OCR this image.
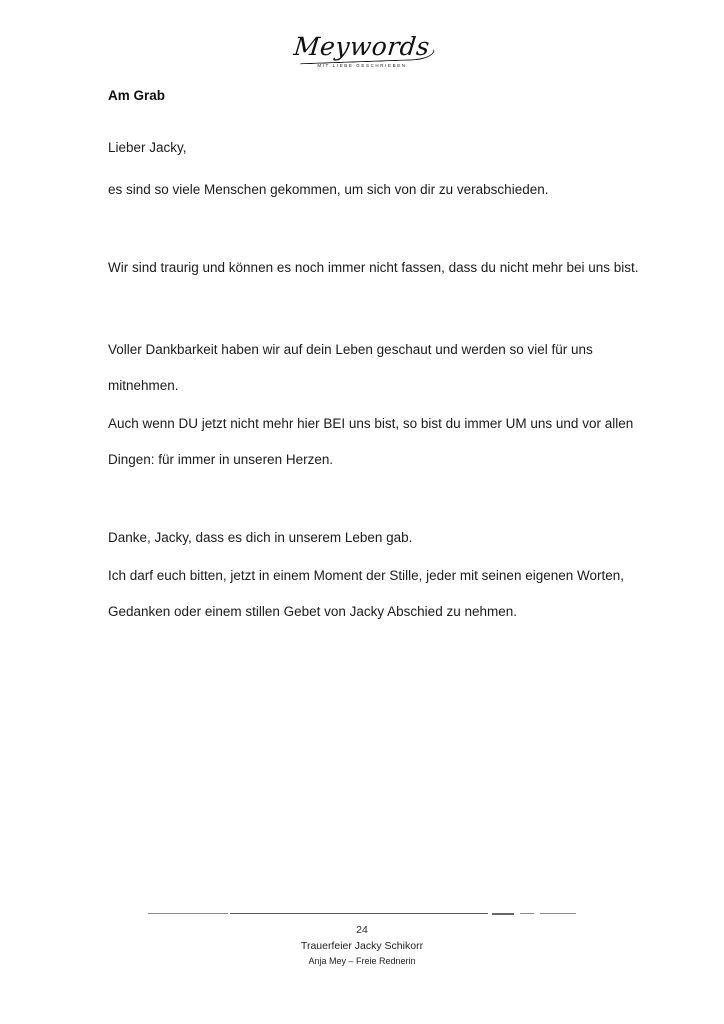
Meywords
MIT LIEBE GESCHRIEBEN
Am Grab

Lieber Jacky,

es sind so viele Menschen gekommen, um sich von dir zu verabschieden.

Wir sind traurig und können es noch immer nicht fassen, dass du nicht mehr bei uns bist.

Voller Dankbarkeit haben wir auf dein Leben geschaut und werden so viel für uns mitnehmen.

Auch wenn DU jetzt nicht mehr hier BEI uns bist, so bist du immer UM uns und vor allen Dingen: für immer in unseren Herzen.

Danke, Jacky, dass es dich in unserem Leben gab.

Ich darf euch bitten, jetzt in einem Moment der Stille, jeder mit seinen eigenen Worten, Gedanken oder einem stillen Gebet von Jacky Abschied zu nehmen.

24
Trauerfeier Jacky Schikorr
Anja Mey – Freie Rednerin
